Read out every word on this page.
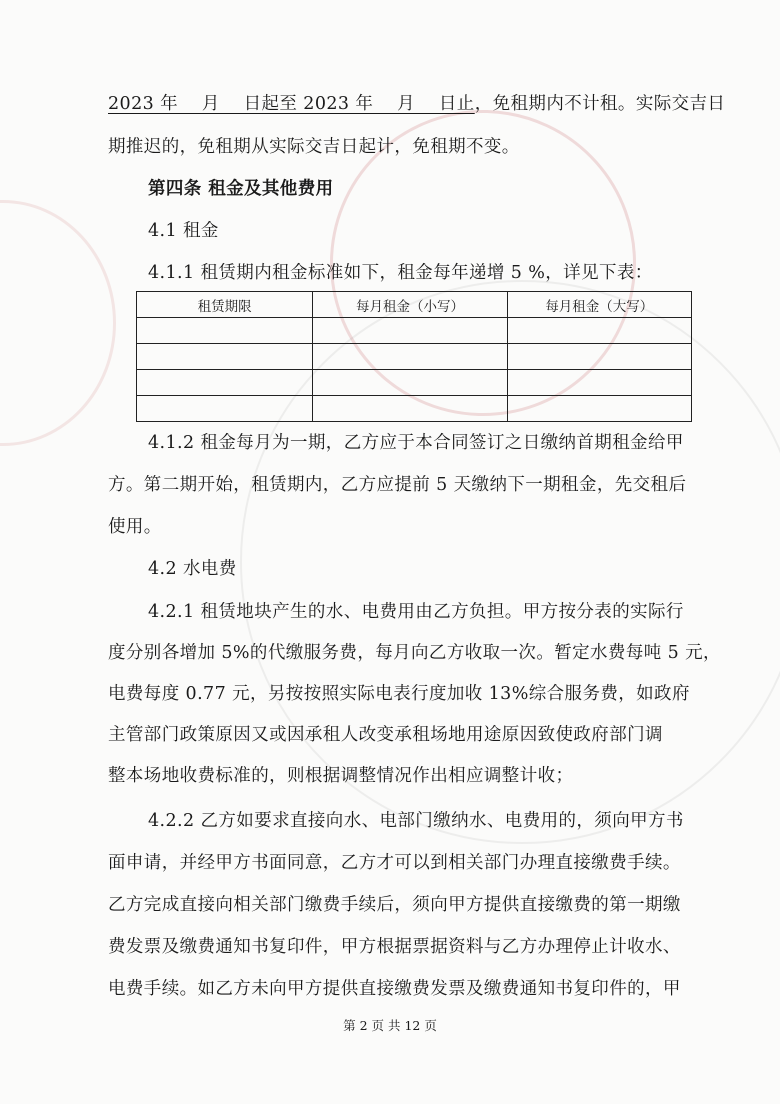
2023 年　 月　 日起至 2023 年　 月　 日止，免租期内不计租。实际交吉日
期推迟的，免租期从实际交吉日起计，免租期不变。
第四条 租金及其他费用
4.1 租金
4.1.1 租赁期内租金标准如下，租金每年递增 5 %，详见下表：
租赁期限	每月租金（小写）	每月租金（大写）

4.1.2 租金每月为一期，乙方应于本合同签订之日缴纳首期租金给甲
方。第二期开始，租赁期内，乙方应提前 5 天缴纳下一期租金，先交租后
使用。
4.2 水电费
4.2.1 租赁地块产生的水、电费用由乙方负担。甲方按分表的实际行
度分别各增加 5%的代缴服务费，每月向乙方收取一次。暂定水费每吨 5 元，
电费每度 0.77 元，另按按照实际电表行度加收 13%综合服务费，如政府
主管部门政策原因又或因承租人改变承租场地用途原因致使政府部门调
整本场地收费标准的，则根据调整情况作出相应调整计收；
4.2.2 乙方如要求直接向水、电部门缴纳水、电费用的，须向甲方书
面申请，并经甲方书面同意，乙方才可以到相关部门办理直接缴费手续。
乙方完成直接向相关部门缴费手续后，须向甲方提供直接缴费的第一期缴
费发票及缴费通知书复印件，甲方根据票据资料与乙方办理停止计收水、
电费手续。如乙方未向甲方提供直接缴费发票及缴费通知书复印件的，甲
第 2 页 共 12 页
